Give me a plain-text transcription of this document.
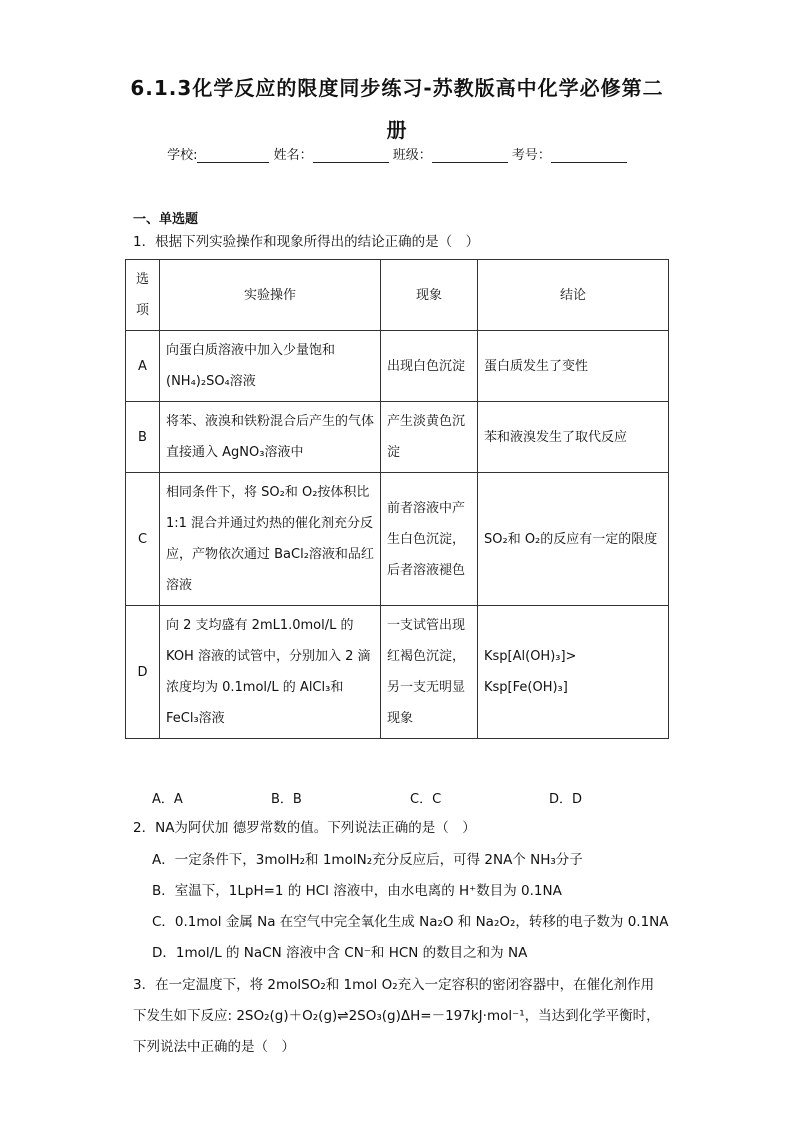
6.1.3化学反应的限度同步练习-苏教版高中化学必修第二
册
学校:	姓名：	班级：	考号：
一、单选题
1．根据下列实验操作和现象所得出的结论正确的是（　）
选项	实验操作	现象	结论
A	向蛋白质溶液中加入少量饱和
(NH₄)₂SO₄溶液	出现白色沉淀	蛋白质发生了变性
B	将苯、液溴和铁粉混合后产生的气体直接通入 AgNO₃溶液中	产生淡黄色沉淀	苯和液溴发生了取代反应
C	相同条件下，将 SO₂和 O₂按体积比 1:1 混合并通过灼热的催化剂充分反应，产物依次通过 BaCl₂溶液和品红溶液	前者溶液中产生白色沉淀，后者溶液褪色	SO₂和 O₂的反应有一定的限度
D	向 2 支均盛有 2mL1.0mol/L 的 KOH 溶液的试管中，分别加入 2 滴浓度均为 0.1mol/L 的 AlCl₃和 FeCl₃溶液	一支试管出现红褐色沉淀，另一支无明显现象	Ksp[Al(OH)₃]>　Ksp[Fe(OH)₃]
A．A	B．B	C．C	D．D
2．NA为阿伏加 德罗常数的值。下列说法正确的是（　）
A．一定条件下，3molH₂和 1molN₂充分反应后，可得 2NA个 NH₃分子
B．室温下，1LpH=1 的 HCl 溶液中，由水电离的 H⁺数目为 0.1NA
C．0.1mol 金属 Na 在空气中完全氧化生成 Na₂O 和 Na₂O₂，转移的电子数为 0.1NA
D．1mol/L 的 NaCN 溶液中含 CN⁻和 HCN 的数目之和为 NA
3．在一定温度下，将 2molSO₂和 1mol O₂充入一定容积的密闭容器中，在催化剂作用
下发生如下反应: 2SO₂(g)＋O₂(g)⇌2SO₃(g)ΔH=－197kJ·mol⁻¹，当达到化学平衡时，
下列说法中正确的是（　）
